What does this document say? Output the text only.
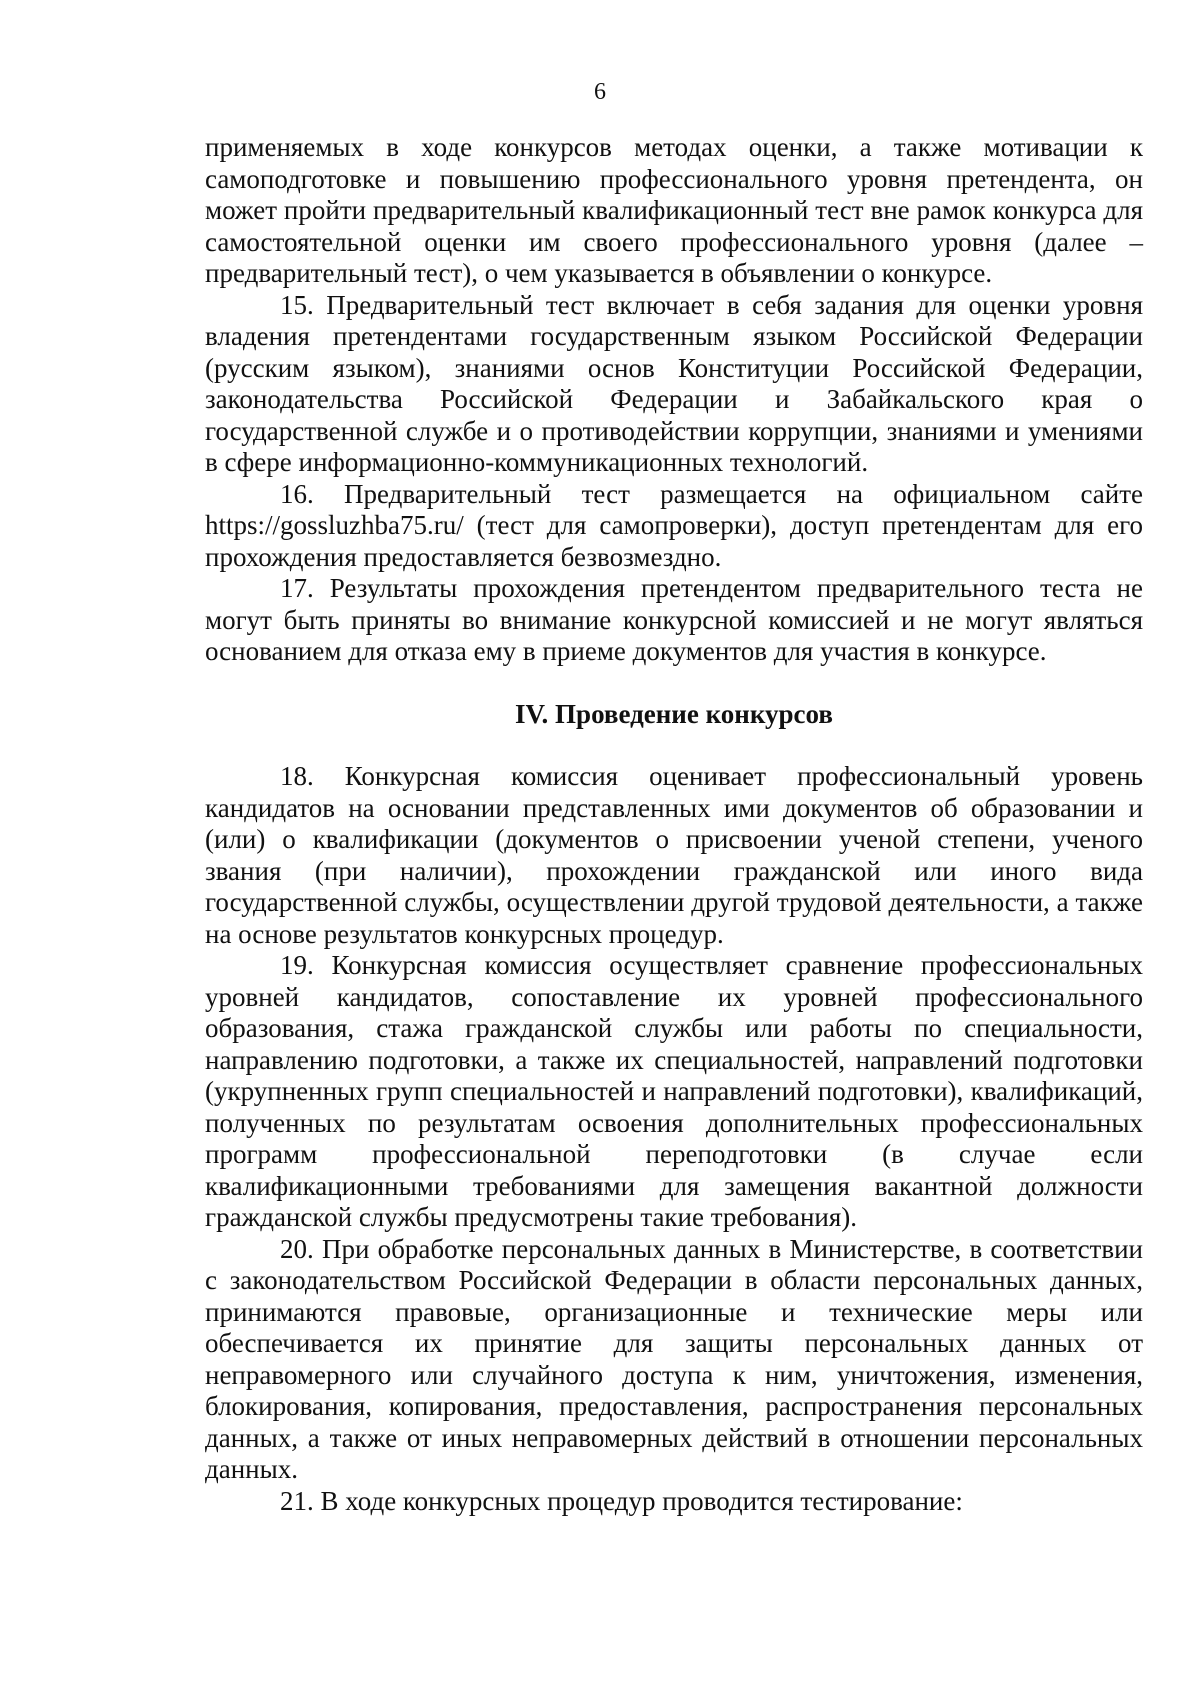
6

применяемых в ходе конкурсов методах оценки, а также мотивации к самоподготовке и повышению профессионального уровня претендента, он может пройти предварительный квалификационный тест вне рамок конкурса для самостоятельной оценки им своего профессионального уровня (далее – предварительный тест), о чем указывается в объявлении о конкурсе.

15. Предварительный тест включает в себя задания для оценки уровня владения претендентами государственным языком Российской Федерации (русским языком), знаниями основ Конституции Российской Федерации, законодательства Российской Федерации и Забайкальского края о государственной службе и о противодействии коррупции, знаниями и умениями в сфере информационно-коммуникационных технологий.

16. Предварительный тест размещается на официальном сайте https://gossluzhba75.ru/ (тест для самопроверки), доступ претендентам для его прохождения предоставляется безвозмездно.

17. Результаты прохождения претендентом предварительного теста не могут быть приняты во внимание конкурсной комиссией и не могут являться основанием для отказа ему в приеме документов для участия в конкурсе.

IV. Проведение конкурсов

18. Конкурсная комиссия оценивает профессиональный уровень кандидатов на основании представленных ими документов об образовании и (или) о квалификации (документов о присвоении ученой степени, ученого звания (при наличии), прохождении гражданской или иного вида государственной службы, осуществлении другой трудовой деятельности, а также на основе результатов конкурсных процедур.

19. Конкурсная комиссия осуществляет сравнение профессиональных уровней кандидатов, сопоставление их уровней профессионального образования, стажа гражданской службы или работы по специальности, направлению подготовки, а также их специальностей, направлений подготовки (укрупненных групп специальностей и направлений подготовки), квалификаций, полученных по результатам освоения дополнительных профессиональных программ профессиональной переподготовки (в случае если квалификационными требованиями для замещения вакантной должности гражданской службы предусмотрены такие требования).

20. При обработке персональных данных в Министерстве, в соответствии с законодательством Российской Федерации в области персональных данных, принимаются правовые, организационные и технические меры или обеспечивается их принятие для защиты персональных данных от неправомерного или случайного доступа к ним, уничтожения, изменения, блокирования, копирования, предоставления, распространения персональных данных, а также от иных неправомерных действий в отношении персональных данных.

21. В ходе конкурсных процедур проводится тестирование:
